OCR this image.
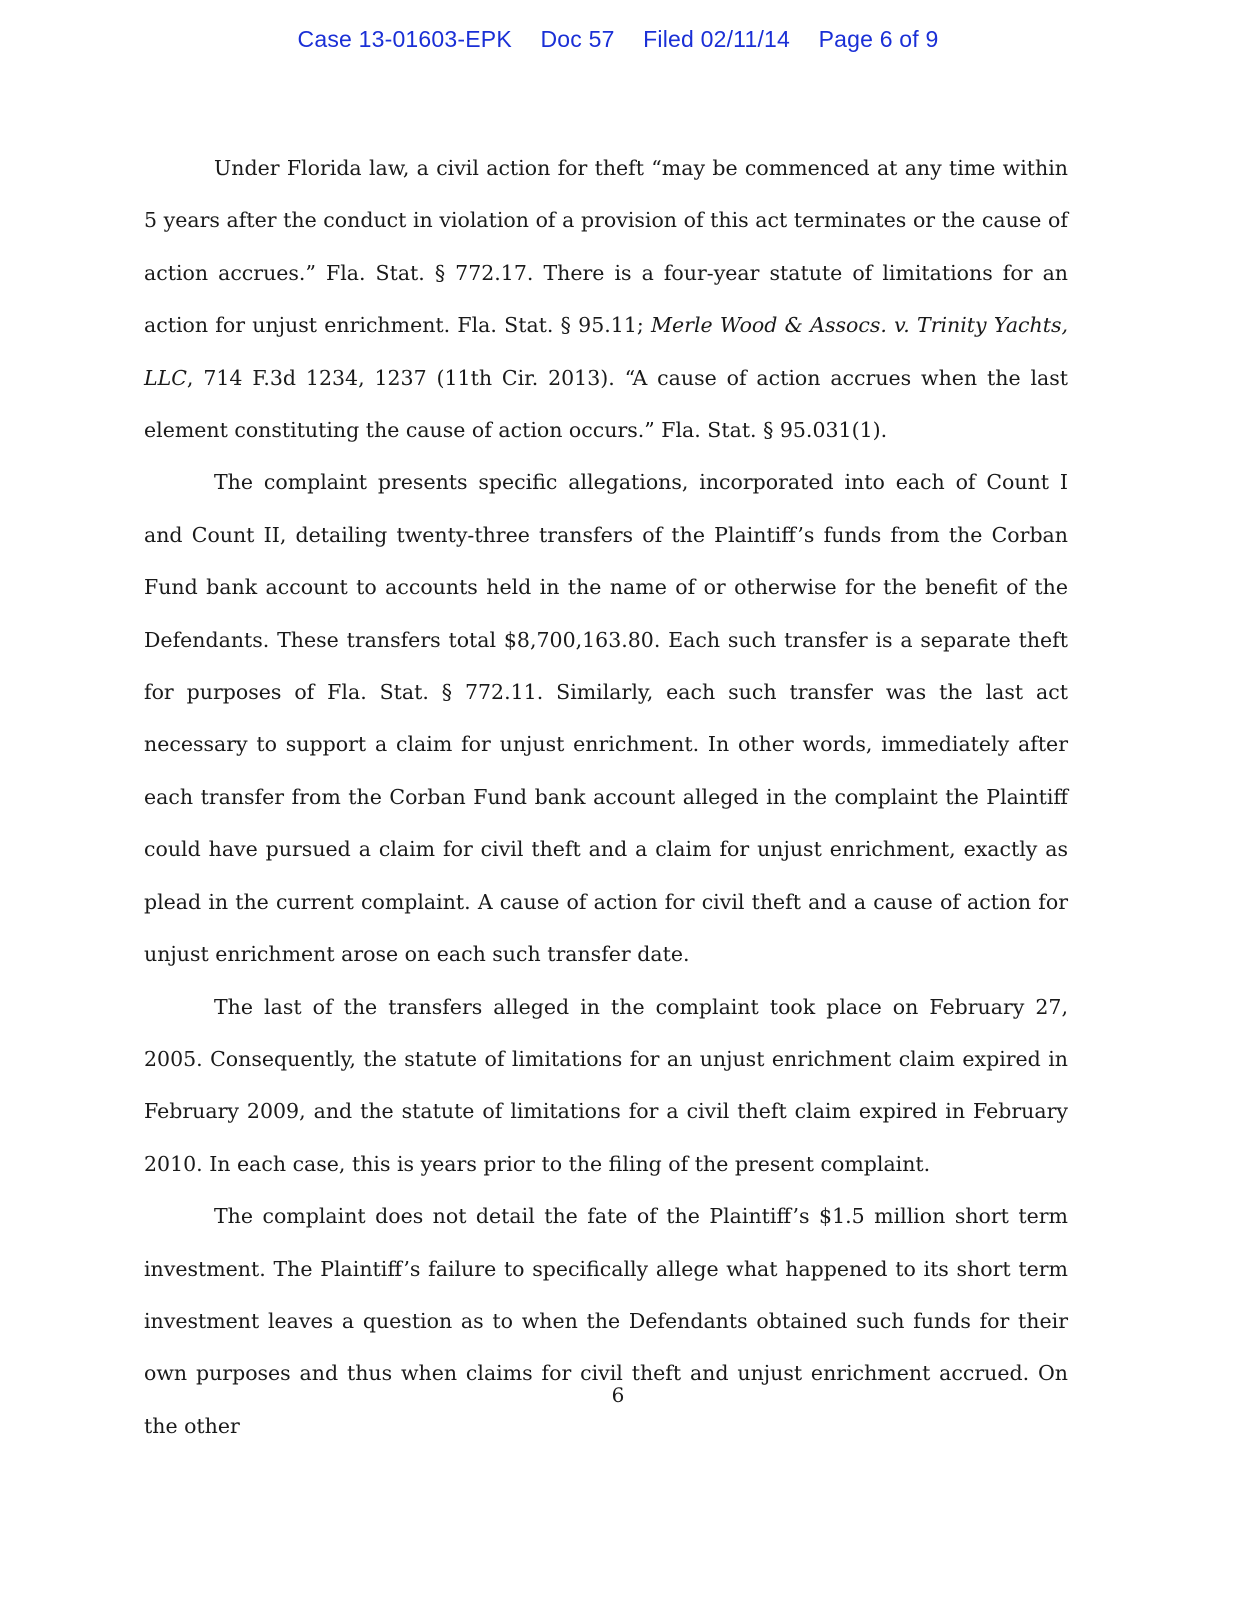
Case 13-01603-EPK Doc 57 Filed 02/11/14 Page 6 of 9

Under Florida law, a civil action for theft “may be commenced at any time within 5 years after the conduct in violation of a provision of this act terminates or the cause of action accrues.” Fla. Stat. § 772.17. There is a four-year statute of limitations for an action for unjust enrichment. Fla. Stat. § 95.11; Merle Wood & Assocs. v. Trinity Yachts, LLC, 714 F.3d 1234, 1237 (11th Cir. 2013). “A cause of action accrues when the last element constituting the cause of action occurs.” Fla. Stat. § 95.031(1).

The complaint presents specific allegations, incorporated into each of Count I and Count II, detailing twenty-three transfers of the Plaintiff’s funds from the Corban Fund bank account to accounts held in the name of or otherwise for the benefit of the Defendants. These transfers total $8,700,163.80. Each such transfer is a separate theft for purposes of Fla. Stat. § 772.11. Similarly, each such transfer was the last act necessary to support a claim for unjust enrichment. In other words, immediately after each transfer from the Corban Fund bank account alleged in the complaint the Plaintiff could have pursued a claim for civil theft and a claim for unjust enrichment, exactly as plead in the current complaint. A cause of action for civil theft and a cause of action for unjust enrichment arose on each such transfer date.

The last of the transfers alleged in the complaint took place on February 27, 2005. Consequently, the statute of limitations for an unjust enrichment claim expired in February 2009, and the statute of limitations for a civil theft claim expired in February 2010. In each case, this is years prior to the filing of the present complaint.

The complaint does not detail the fate of the Plaintiff’s $1.5 million short term investment. The Plaintiff’s failure to specifically allege what happened to its short term investment leaves a question as to when the Defendants obtained such funds for their own purposes and thus when claims for civil theft and unjust enrichment accrued. On the other

6
